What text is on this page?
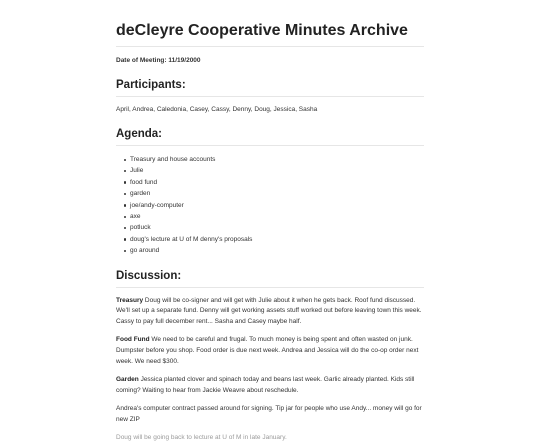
deCleyre Cooperative Minutes Archive
Date of Meeting: 11/19/2000
Participants:
April, Andrea, Caledonia, Casey, Cassy, Denny, Doug, Jessica, Sasha
Agenda:
Treasury and house accounts
Julie
food fund
garden
joe/andy-computer
axe
potluck
doug's lecture at U of M denny's proposals
go around
Discussion:

Treasury Doug will be co-signer and will get with Julie about it when he gets back. Roof fund discussed. We'll set up a separate fund. Denny will get working assets stuff worked out before leaving town this week. Cassy to pay full december rent... Sasha and Casey maybe half.

Food Fund We need to be careful and frugal. To much money is being spent and often wasted on junk. Dumpster before you shop. Food order is due next week. Andrea and Jessica will do the co-op order next week. We need $300.

Garden Jessica planted clover and spinach today and beans last week. Garlic already planted. Kids still coming? Waiting to hear from Jackie Weavre about reschedule.

Andrea's computer contract passed around for signing. Tip jar for people who use Andy... money will go for new ZIP

Doug will be going back to lecture at U of M in late January.
